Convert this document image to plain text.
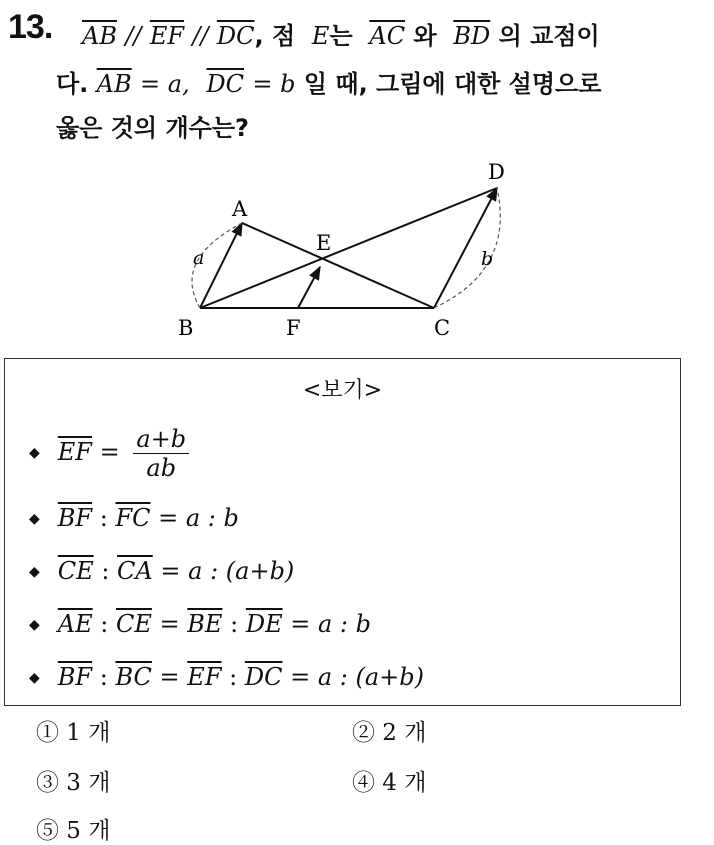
13. $\overline{AB} // \overline{EF} // \overline{DC}$, 점 E는 $\overline{AC}$ 와 $\overline{BD}$ 의 교점이
다. $\overline{AB} = a$, $\overline{DC} = b$ 일 때, 그림에 대한 설명으로
옳은 것의 개수는?
A
B	C
D
E
F
a	b
<보기>
◆ $\overline{EF} = \frac{a+b}{ab}$
◆ $\overline{BF}$ : $\overline{FC} = a$ : b
◆ $\overline{CE}$ : $\overline{CA} = a$ : (a+b)
◆ $\overline{AE}$ : $\overline{CE} = \overline{BE}$ : $\overline{DE} = a$ : b
◆ $\overline{BF}$ : $\overline{BC} = \overline{EF}$ : $\overline{DC} = a$ : (a+b)
① 1 개	② 2 개
③ 3 개	④ 4 개
⑤ 5 개
